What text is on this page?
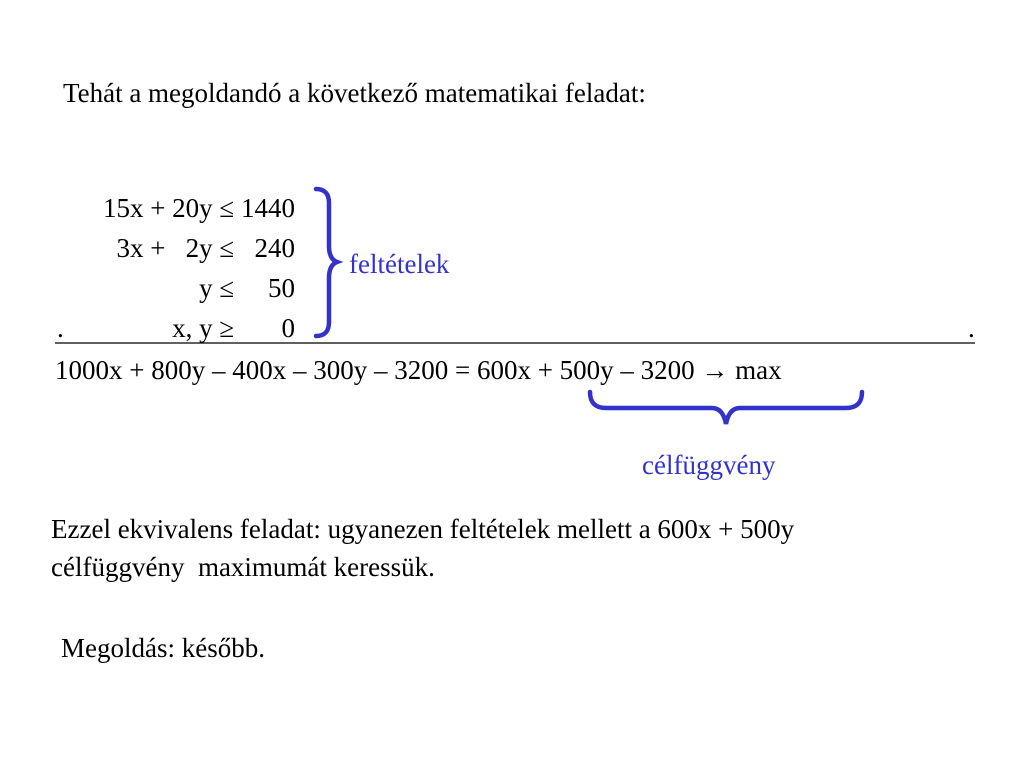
Tehát a megoldandó a következő matematikai feladat:
15x + 20y ≤ 1440
3x +   2y ≤   240
y ≤     50
.	x, y ≥       0	.
feltételek
1000x + 800y – 400x – 300y – 3200 = 600x + 500y – 3200 → max
célfüggvény
Ezzel ekvivalens feladat: ugyanezen feltételek mellett a 600x + 500y
célfüggvény  maximumát keressük.
Megoldás: később.
